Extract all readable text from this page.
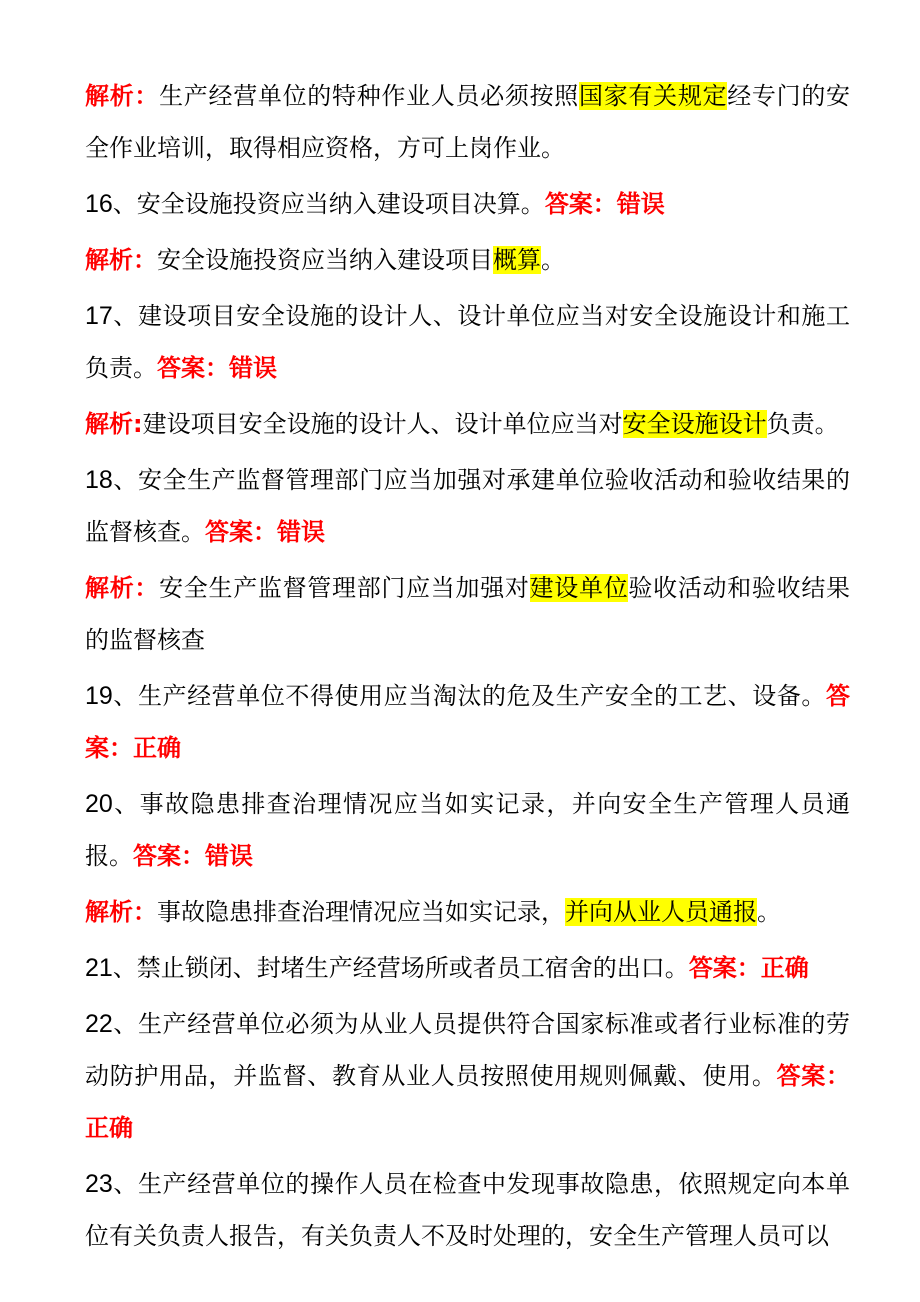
解析：生产经营单位的特种作业人员必须按照国家有关规定经专门的安全作业培训，取得相应资格，方可上岗作业。

16、安全设施投资应当纳入建设项目决算。答案：错误

解析：安全设施投资应当纳入建设项目概算。

17、建设项目安全设施的设计人、设计单位应当对安全设施设计和施工负责。答案：错误

解析:建设项目安全设施的设计人、设计单位应当对安全设施设计负责。

18、安全生产监督管理部门应当加强对承建单位验收活动和验收结果的监督核查。答案：错误

解析：安全生产监督管理部门应当加强对建设单位验收活动和验收结果的监督核查

19、生产经营单位不得使用应当淘汰的危及生产安全的工艺、设备。答案：正确

20、事故隐患排查治理情况应当如实记录，并向安全生产管理人员通报。答案：错误

解析：事故隐患排查治理情况应当如实记录，并向从业人员通报。

21、禁止锁闭、封堵生产经营场所或者员工宿舍的出口。答案：正确

22、生产经营单位必须为从业人员提供符合国家标准或者行业标准的劳动防护用品，并监督、教育从业人员按照使用规则佩戴、使用。答案：正确

23、生产经营单位的操作人员在检查中发现事故隐患，依照规定向本单位有关负责人报告，有关负责人不及时处理的，安全生产管理人员可以
